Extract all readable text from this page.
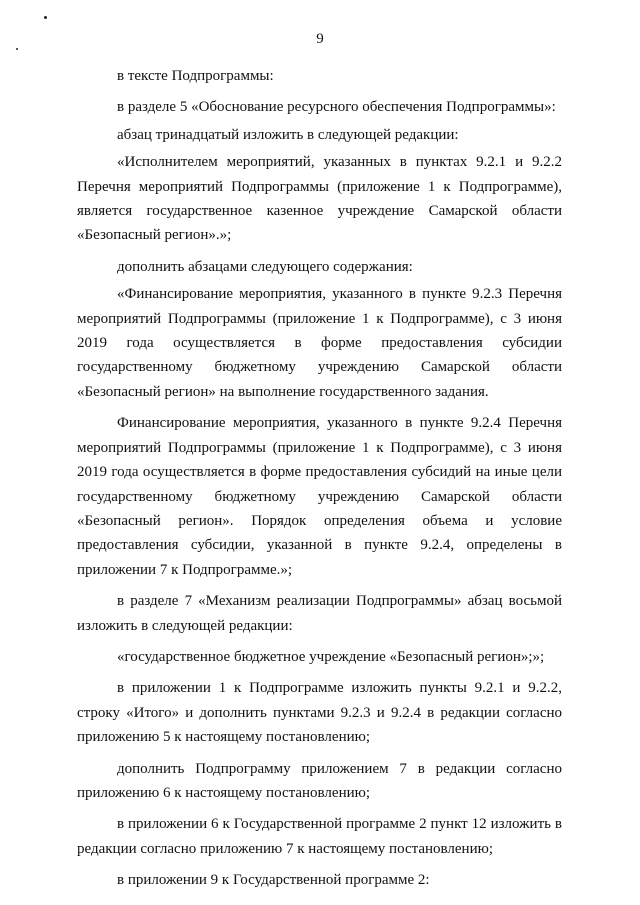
9

в тексте Подпрограммы:

в разделе 5 «Обоснование ресурсного обеспечения Подпрограммы»:

абзац тринадцатый изложить в следующей редакции:

«Исполнителем мероприятий, указанных в пунктах 9.2.1 и 9.2.2 Перечня мероприятий Подпрограммы (приложение 1 к Подпрограмме), является государственное казенное учреждение Самарской области «Безопасный регион».»;

дополнить абзацами следующего содержания:

«Финансирование мероприятия, указанного в пункте 9.2.3 Перечня мероприятий Подпрограммы (приложение 1 к Подпрограмме), с 3 июня 2019 года осуществляется в форме предоставления субсидии государственному бюджетному учреждению Самарской области «Безопасный регион» на выполнение государственного задания.

Финансирование мероприятия, указанного в пункте 9.2.4 Перечня мероприятий Подпрограммы (приложение 1 к Подпрограмме), с 3 июня 2019 года осуществляется в форме предоставления субсидий на иные цели государственному бюджетному учреждению Самарской области «Безопасный регион». Порядок определения объема и условие предоставления субсидии, указанной в пункте 9.2.4, определены в приложении 7 к Подпрограмме.»;

в разделе 7 «Механизм реализации Подпрограммы» абзац восьмой изложить в следующей редакции:

«государственное бюджетное учреждение «Безопасный регион»;»;

в приложении 1 к Подпрограмме изложить пункты 9.2.1 и 9.2.2, строку «Итого» и дополнить пунктами 9.2.3 и 9.2.4 в редакции согласно приложению 5 к настоящему постановлению;

дополнить Подпрограмму приложением 7 в редакции согласно приложению 6 к настоящему постановлению;

в приложении 6 к Государственной программе 2 пункт 12 изложить в редакции согласно приложению 7 к настоящему постановлению;

в приложении 9 к Государственной программе 2:
